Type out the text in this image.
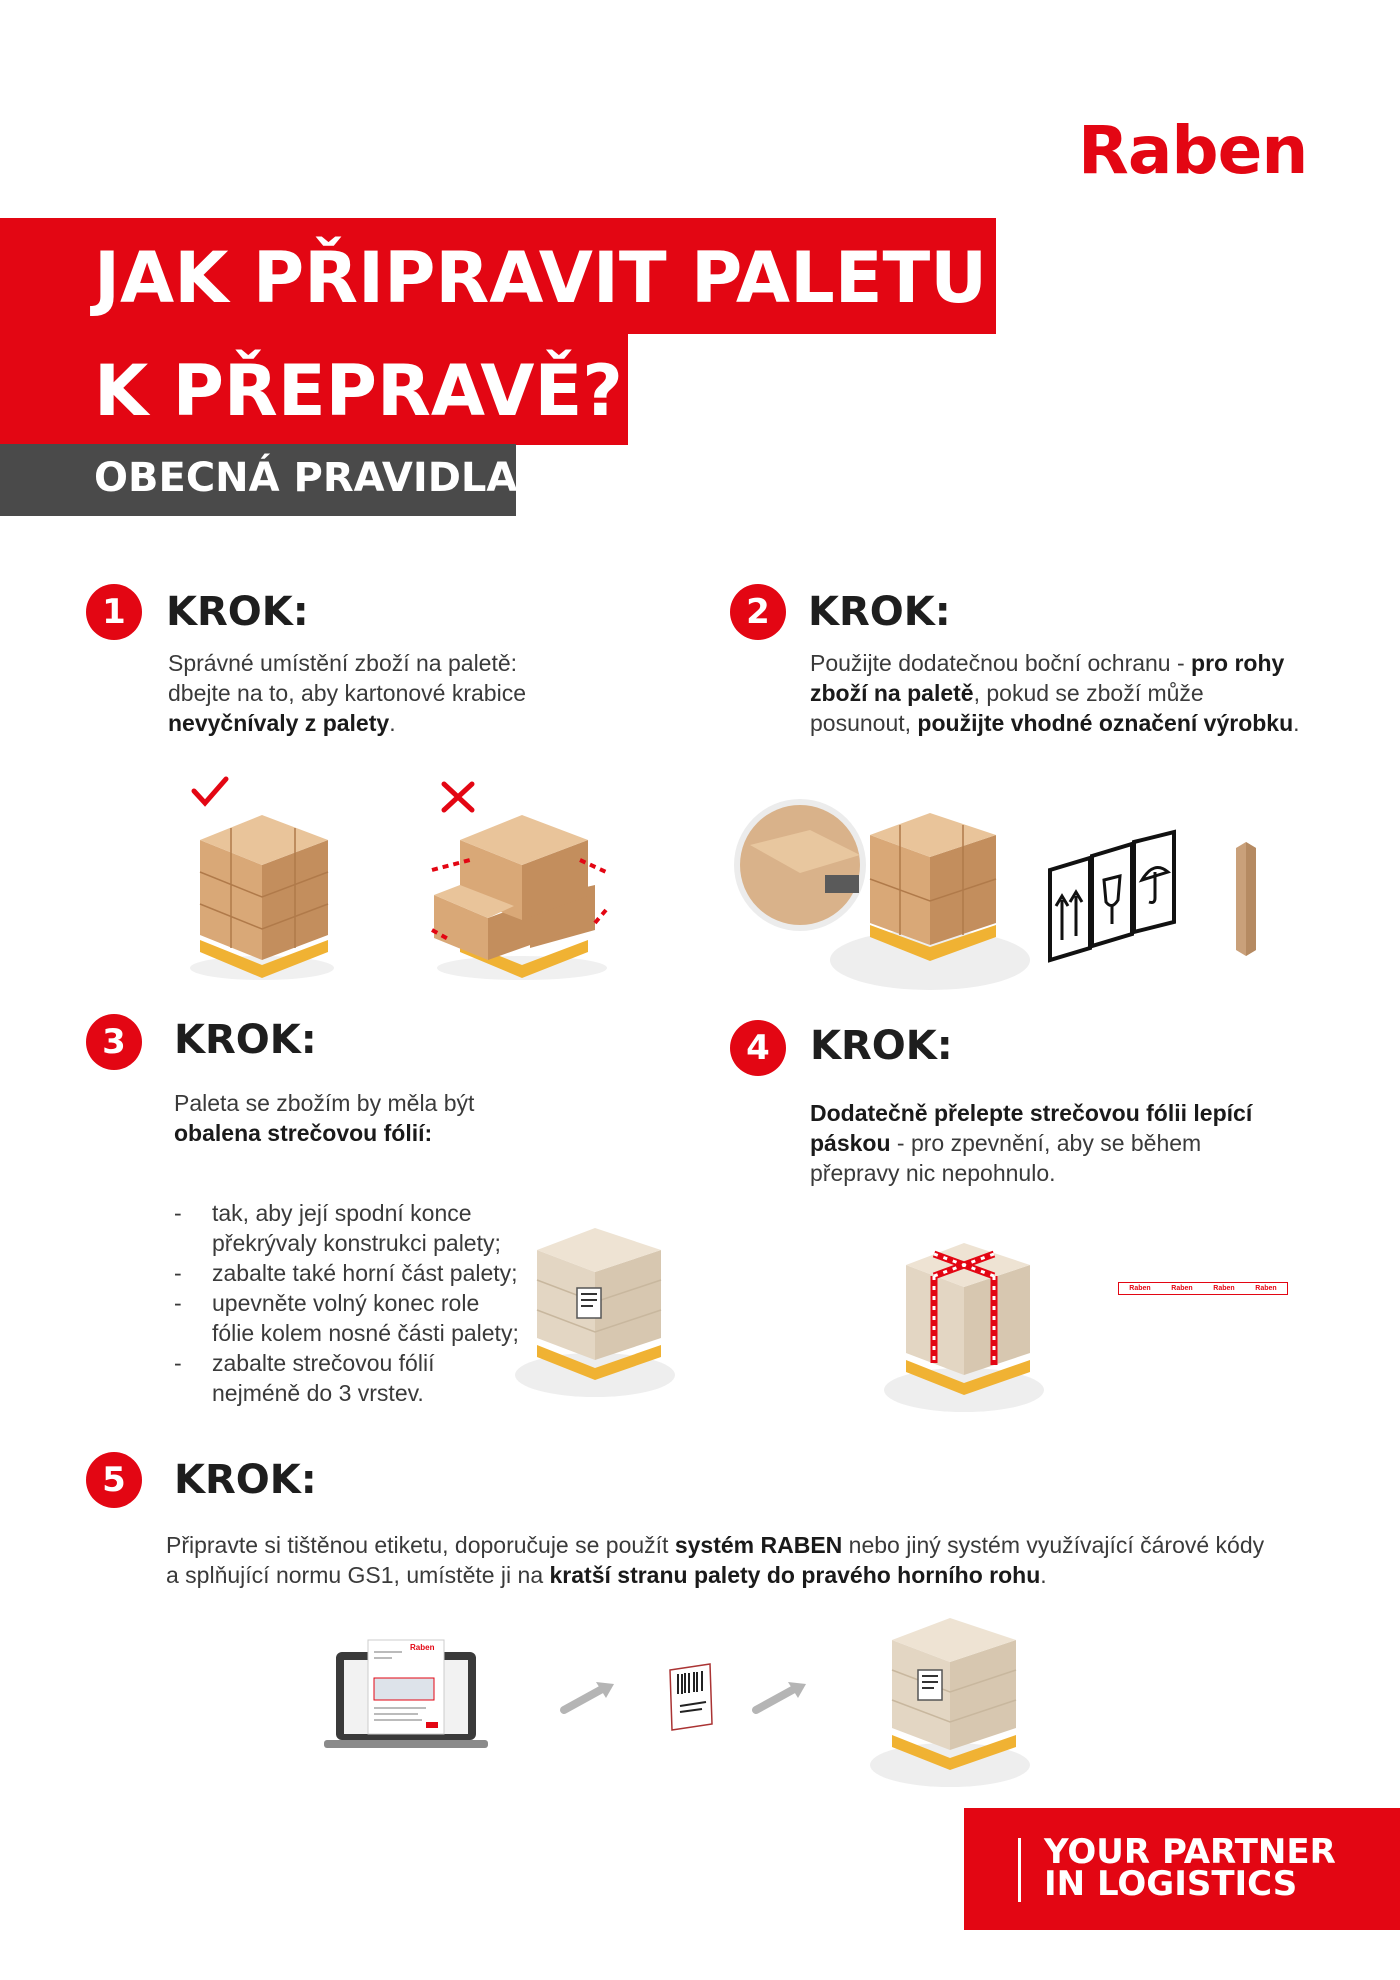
Raben
JAK PŘIPRAVIT PALETU
K PŘEPRAVĚ?
OBECNÁ PRAVIDLA
1	KROK:
Správné umístění zboží na paletě:
dbejte na to, aby kartonové krabice
nevyčnívaly z palety.
2 KROK:
Použijte dodatečnou boční ochranu - pro rohy
zboží na paletě, pokud se zboží může
posunout, použijte vhodné označení výrobku.
3	KROK:
Paleta se zbožím by měla být
obalena strečovou fólií:
- tak, aby její spodní konce
překrývaly konstrukci palety;
- zabalte také horní část palety;
- upevněte volný konec role
fólie kolem nosné části palety;
- zabalte strečovou fólií
nejméně do 3 vrstev.
4	KROK:
Dodatečně přelepte strečovou fólii lepící
páskou - pro zpevnění, aby se během
přepravy nic nepohnulo.
Raben	Raben	Raben	Raben
5	KROK:
Připravte si tištěnou etiketu, doporučuje se použít systém RABEN nebo jiný systém využívající čárové kódy
a splňující normu GS1, umístěte ji na kratší stranu palety do pravého horního rohu.
Raben
YOUR PARTNER
IN LOGISTICS
